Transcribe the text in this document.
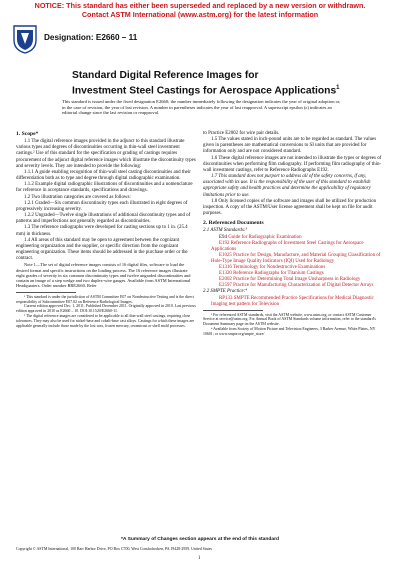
NOTICE: This standard has either been superseded and replaced by a new version or withdrawn.
Contact ASTM International (www.astm.org) for the latest information
Designation: E2660 – 11
Standard Digital Reference Images for
Investment Steel Castings for Aerospace Applications$^1$
This standard is issued under the fixed designation E2660; the number immediately following the designation indicates the year of original adoption or, in the case of revision, the year of last revision. A number in parentheses indicates the year of last reapproval. A superscript epsilon (ε) indicates an editorial change since the last revision or reapproval.
1. Scope*

1.1 The digital reference images provided in the adjunct to this standard illustrate various types and degrees of discontinuities occurring in thin-wall steel investment castings.² Use of this standard for the specification or grading of castings requires procurement of the adjunct digital reference images which illustrate the discontinuity types and severity levels. They are intended to provide the following:

1.1.1 A guide enabling recognition of thin-wall steel casting discontinuities and their differentiation both as to type and degree through digital radiographic examination.

1.1.2 Example digital radiographic illustrations of discontinuities and a nomenclature for reference in acceptance standards, specifications and drawings.

1.2 Two illustration categories are covered as follows:

1.2.1 Graded—Six common discontinuity types each illustrated in eight degrees of progressively increasing severity.

1.2.2 Ungraded—Twelve single illustrations of additional discontinuity types and of patterns and imperfections not generally regarded as discontinuities.

1.3 The reference radiographs were developed for casting sections up to 1 in. (25.4 mm) in thickness.

1.4 All areas of this standard may be open to agreement between the cognizant engineering organization and the supplier, or specific direction from the cognizant engineering organization. These items should be addressed in the purchase order or the contract.

Note 1—The set of digital reference images consists of 16 digital files, software to load the desired format and specific instructions on the loading process. The 16 reference images illustrate eight grades of severity in six common discontinuity types and twelve ungraded discontinuities and contain an image of a step wedge and two duplex-wire gauges. Available from ASTM International Headquarters. Order number RRE2660. Refer

¹ This standard is under the jurisdiction of ASTM Committee E07 on Nondestructive Testing and is the direct responsibility of Subcommittee E07.02 on Reference Radiological Images.

Current edition approved Dec. 1, 2011. Published December 2011. Originally approved in 2010. Last previous edition approved in 2010 as E2660 – 10. DOI:10.1520/E2660-11.

² The digital reference images are considered to be applicable to all thin-wall steel castings, requiring close tolerances. They may also be used for nickel-base and cobalt-base cast alloys. Castings for which these images are applicable generally include those made by the lost wax, frozen mercury, ceramicast or shell mold processes.

to Practice E2002 for wire pair details.

1.5 The values stated in inch-pound units are to be regarded as standard. The values given in parentheses are mathematical conversions to SI units that are provided for information only and are not considered standard.

1.6 These digital reference images are not intended to illustrate the types or degrees of discontinuities when performing film radiography. If performing film radiography of thin-wall investment castings, refer to Reference Radiographs E192.

1.7 This standard does not purport to address all of the safety concerns, if any, associated with its use. It is the responsibility of the user of this standard to establish appropriate safety and health practices and determine the applicability of regulatory limitations prior to use.

1.8 Only licensed copies of the software and images shall be utilized for production inspection. A copy of the ASTM/User license agreement shall be kept on file for audit purposes.

2. Referenced Documents

2.1 ASTM Standards:³

E94 Guide for Radiographic Examination

E192 Reference Radiographs of Investment Steel Castings for Aerospace Applications

E1025 Practice for Design, Manufacture, and Material Grouping Classification of Hole-Type Image Quality Indicators (IQI) Used for Radiology

E1316 Terminology for Nondestructive Examinations

E1320 Reference Radiographs for Titanium Castings

E2002 Practice for Determining Total Image Unsharpness in Radiology

E2597 Practice for Manufacturing Characterization of Digital Detector Arrays

2.2 SMPTE Practice:⁴

RP133 SMPTE Recommended Practice Specifications for Medical Diagnostic Imaging test pattern for Television

³ For referenced ASTM standards, visit the ASTM website, www.astm.org, or contact ASTM Customer Service at service@astm.org. For Annual Book of ASTM Standards volume information, refer to the standard's Document Summary page on the ASTM website.

⁴ Available from Society of Motion Picture and Television Engineers, 3 Barker Avenue, White Plains, NY 10601; or www.smpte.org/smpte_store/

*A Summary of Changes section appears at the end of this standard
Copyright © ASTM International, 100 Barr Harbor Drive, PO Box C700, West Conshohocken, PA 19428-2959. United States
1
